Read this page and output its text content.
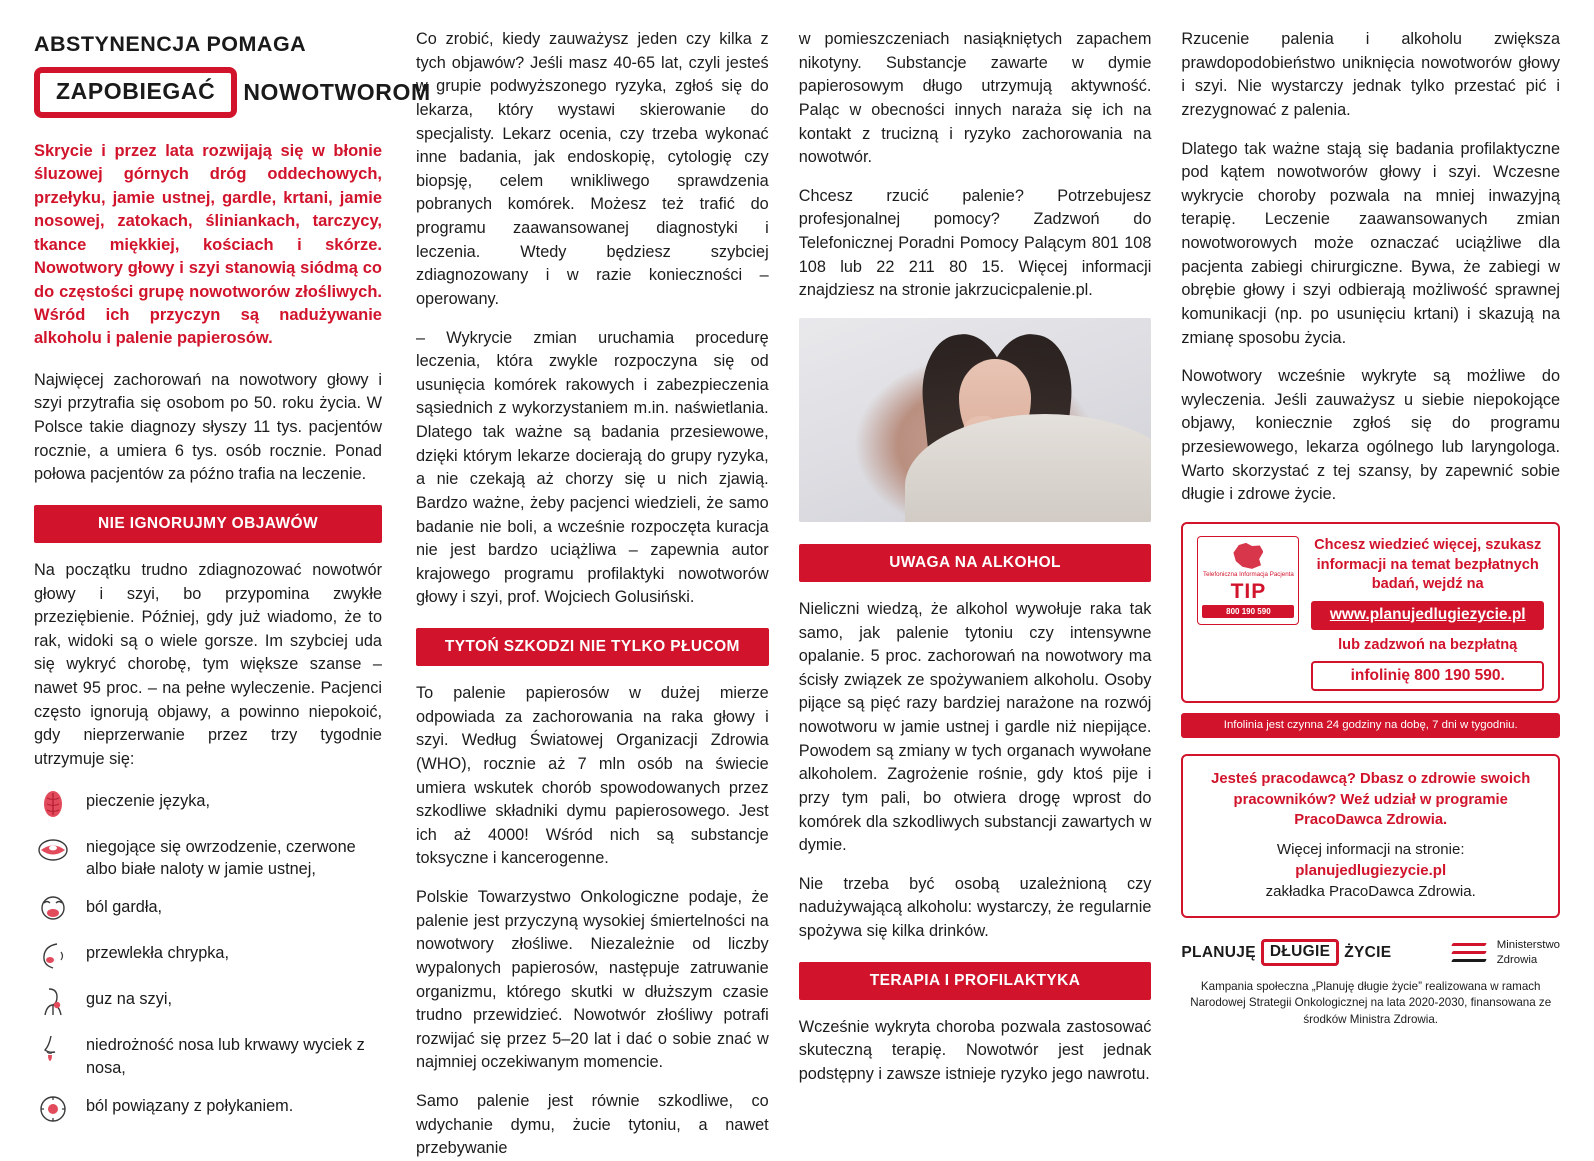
ABSTYNENCJA POMAGA
ZAPOBIEGAĆ	NOWOTWOROM
Skrycie i przez lata rozwijają się w błonie śluzowej górnych dróg oddechowych, przełyku, jamie ustnej, gardle, krtani, jamie nosowej, zatokach, śliniankach, tarczycy, tkance miękkiej, kościach i skórze. Nowotwory głowy i szyi stanowią siódmą co do częstości grupę nowotworów złośliwych. Wśród ich przyczyn są nadużywanie alkoholu i palenie papierosów.

Najwięcej zachorowań na nowotwory głowy i szyi przytrafia się osobom po 50. roku życia. W Polsce takie diagnozy słyszy 11 tys. pacjentów rocznie, a umiera 6 tys. osób rocznie. Ponad połowa pacjentów za późno trafia na leczenie.

NIE IGNORUJMY OBJAWÓW

Na początku trudno zdiagnozować nowotwór głowy i szyi, bo przypomina zwykłe przeziębienie. Później, gdy już wiadomo, że to rak, widoki są o wiele gorsze. Im szybciej uda się wykryć chorobę, tym większe szanse – nawet 95 proc. – na pełne wyleczenie. Pacjenci często ignorują objawy, a powinno niepokoić, gdy nieprzerwanie przez trzy tygodnie utrzymuje się:

pieczenie języka,
niegojące się owrzodzenie, czerwone albo białe naloty w jamie ustnej,
ból gardła,
przewlekła chrypka,
guz na szyi,
niedrożność nosa lub krwawy wyciek z nosa,
ból powiązany z połykaniem.

Co zrobić, kiedy zauważysz jeden czy kilka z tych objawów? Jeśli masz 40-65 lat, czyli jesteś w grupie podwyższonego ryzyka, zgłoś się do lekarza, który wystawi skierowanie do specjalisty. Lekarz ocenia, czy trzeba wykonać inne badania, jak endoskopię, cytologię czy biopsję, celem wnikliwego sprawdzenia pobranych komórek. Możesz też trafić do programu zaawansowanej diagnostyki i leczenia. Wtedy będziesz szybciej zdiagnozowany i w razie konieczności – operowany.

– Wykrycie zmian uruchamia procedurę leczenia, która zwykle rozpoczyna się od usunięcia komórek rakowych i zabezpieczenia sąsiednich z wykorzystaniem m.in. naświetlania. Dlatego tak ważne są badania przesiewowe, dzięki którym lekarze docierają do grupy ryzyka, a nie czekają aż chorzy się u nich zjawią. Bardzo ważne, żeby pacjenci wiedzieli, że samo badanie nie boli, a wcześnie rozpoczęta kuracja nie jest bardzo uciążliwa – zapewnia autor krajowego programu profilaktyki nowotworów głowy i szyi, prof. Wojciech Golusiński.

TYTOŃ SZKODZI NIE TYLKO PŁUCOM

To palenie papierosów w dużej mierze odpowiada za zachorowania na raka głowy i szyi. Według Światowej Organizacji Zdrowia (WHO), rocznie aż 7 mln osób na świecie umiera wskutek chorób spowodowanych przez szkodliwe składniki dymu papierosowego. Jest ich aż 4000! Wśród nich są substancje toksyczne i kancerogenne.

Polskie Towarzystwo Onkologiczne podaje, że palenie jest przyczyną wysokiej śmiertelności na nowotwory złośliwe. Niezależnie od liczby wypalonych papierosów, następuje zatruwanie organizmu, którego skutki w dłuższym czasie trudno przewidzieć. Nowotwór złośliwy potrafi rozwijać się przez 5–20 lat i dać o sobie znać w najmniej oczekiwanym momencie.

Samo palenie jest równie szkodliwe, co wdychanie dymu, żucie tytoniu, a nawet przebywanie

w pomieszczeniach nasiąkniętych zapachem nikotyny. Substancje zawarte w dymie papierosowym długo utrzymują aktywność. Paląc w obecności innych naraża się ich na kontakt z trucizną i ryzyko zachorowania na nowotwór.

Chcesz rzucić palenie? Potrzebujesz profesjonalnej pomocy? Zadzwoń do Telefonicznej Poradni Pomocy Palącym 801 108 108 lub 22 211 80 15. Więcej informacji znajdziesz na stronie jakrzucicpalenie.pl.

UWAGA NA ALKOHOL

Nieliczni wiedzą, że alkohol wywołuje raka tak samo, jak palenie tytoniu czy intensywne opalanie. 5 proc. zachorowań na nowotwory ma ścisły związek ze spożywaniem alkoholu. Osoby pijące są pięć razy bardziej narażone na rozwój nowotworu w jamie ustnej i gardle niż niepijące. Powodem są zmiany w tych organach wywołane alkoholem. Zagrożenie rośnie, gdy ktoś pije i przy tym pali, bo otwiera drogę wprost do komórek dla szkodliwych substancji zawartych w dymie.

Nie trzeba być osobą uzależnioną czy nadużywającą alkoholu: wystarczy, że regularnie spożywa się kilka drinków.

TERAPIA I PROFILAKTYKA

Wcześnie wykryta choroba pozwala zastosować skuteczną terapię. Nowotwór jest jednak podstępny i zawsze istnieje ryzyko jego nawrotu.

Rzucenie palenia i alkoholu zwiększa prawdopodobieństwo uniknięcia nowotworów głowy i szyi. Nie wystarczy jednak tylko przestać pić i zrezygnować z palenia.

Dlatego tak ważne stają się badania profilaktyczne pod kątem nowotworów głowy i szyi. Wczesne wykrycie choroby pozwala na mniej inwazyjną terapię. Leczenie zaawansowanych zmian nowotworowych może oznaczać uciążliwe dla pacjenta zabiegi chirurgiczne. Bywa, że zabiegi w obrębie głowy i szyi odbierają możliwość sprawnej komunikacji (np. po usunięciu krtani) i skazują na zmianę sposobu życia.

Nowotwory wcześnie wykryte są możliwe do wyleczenia. Jeśli zauważysz u siebie niepokojące objawy, koniecznie zgłoś się do programu przesiewowego, lekarza ogólnego lub laryngologa. Warto skorzystać z tej szansy, by zapewnić sobie długie i zdrowe życie.

Telefoniczna Informacja Pacjenta
TIP
800 190 590
Chcesz wiedzieć więcej, szukasz informacji na temat bezpłatnych badań, wejdź na
www.planujedlugiezycie.pl
lub zadzwoń na bezpłatną
infolinię 800 190 590.
Infolinia jest czynna 24 godziny na dobę, 7 dni w tygodniu.
Jesteś pracodawcą? Dbasz o zdrowie swoich pracowników? Weź udział w programie PracoDawca Zdrowia.
Więcej informacji na stronie:
planujedlugiezycie.pl
zakładka PracoDawca Zdrowia.
PLANUJĘ DŁUGIE ŻYCIE	Ministerstwo
Zdrowia
Kampania społeczna „Planuję długie życie” realizowana w ramach Narodowej Strategii Onkologicznej na lata 2020-2030, finansowana ze środków Ministra Zdrowia.
